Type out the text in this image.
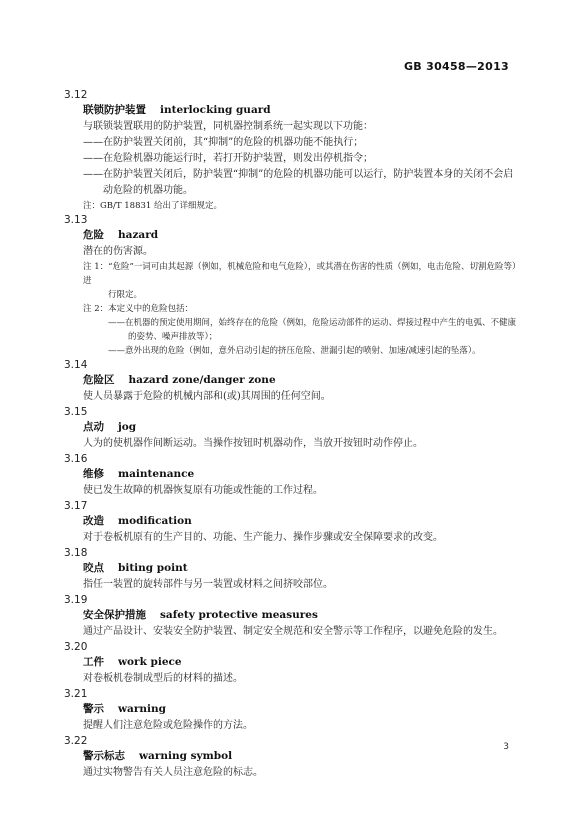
GB 30458—2013
3.12
联锁防护装置 interlocking guard
与联锁装置联用的防护装置，同机器控制系统一起实现以下功能：
——在防护装置关闭前，其“抑制”的危险的机器功能不能执行；
——在危险机器功能运行时，若打开防护装置，则发出停机指令；
——在防护装置关闭后，防护装置“抑制”的危险的机器功能可以运行，防护装置本身的关闭不会启
动危险的机器功能。
注：GB/T 18831 给出了详细规定。
3.13
危险 hazard
潜在的伤害源。
注 1：“危险”一词可由其起源（例如，机械危险和电气危险），或其潜在伤害的性质（例如，电击危险、切割危险等）进
行限定。
注 2：本定义中的危险包括：
——在机器的预定使用期间，始终存在的危险（例如，危险运动部件的运动、焊接过程中产生的电弧、不健康
的姿势、噪声排放等）；
——意外出现的危险（例如，意外启动引起的挤压危险、泄漏引起的喷射、加速/减速引起的坠落）。
3.14
危险区 hazard zone/danger zone
使人员暴露于危险的机械内部和(或)其周围的任何空间。
3.15
点动 jog
人为的使机器作间断运动。当操作按钮时机器动作，当放开按钮时动作停止。
3.16
维修 maintenance
使已发生故障的机器恢复原有功能或性能的工作过程。
3.17
改造 modification
对于卷板机原有的生产目的、功能、生产能力、操作步骤或安全保障要求的改变。
3.18
咬点 biting point
指任一装置的旋转部件与另一装置或材料之间挤咬部位。
3.19
安全保护措施 safety protective measures
通过产品设计、安装安全防护装置、制定安全规范和安全警示等工作程序，以避免危险的发生。
3.20
工件 work piece
对卷板机卷制成型后的材料的描述。
3.21
警示 warning
提醒人们注意危险或危险操作的方法。
3.22
警示标志 warning symbol
通过实物警告有关人员注意危险的标志。
3
